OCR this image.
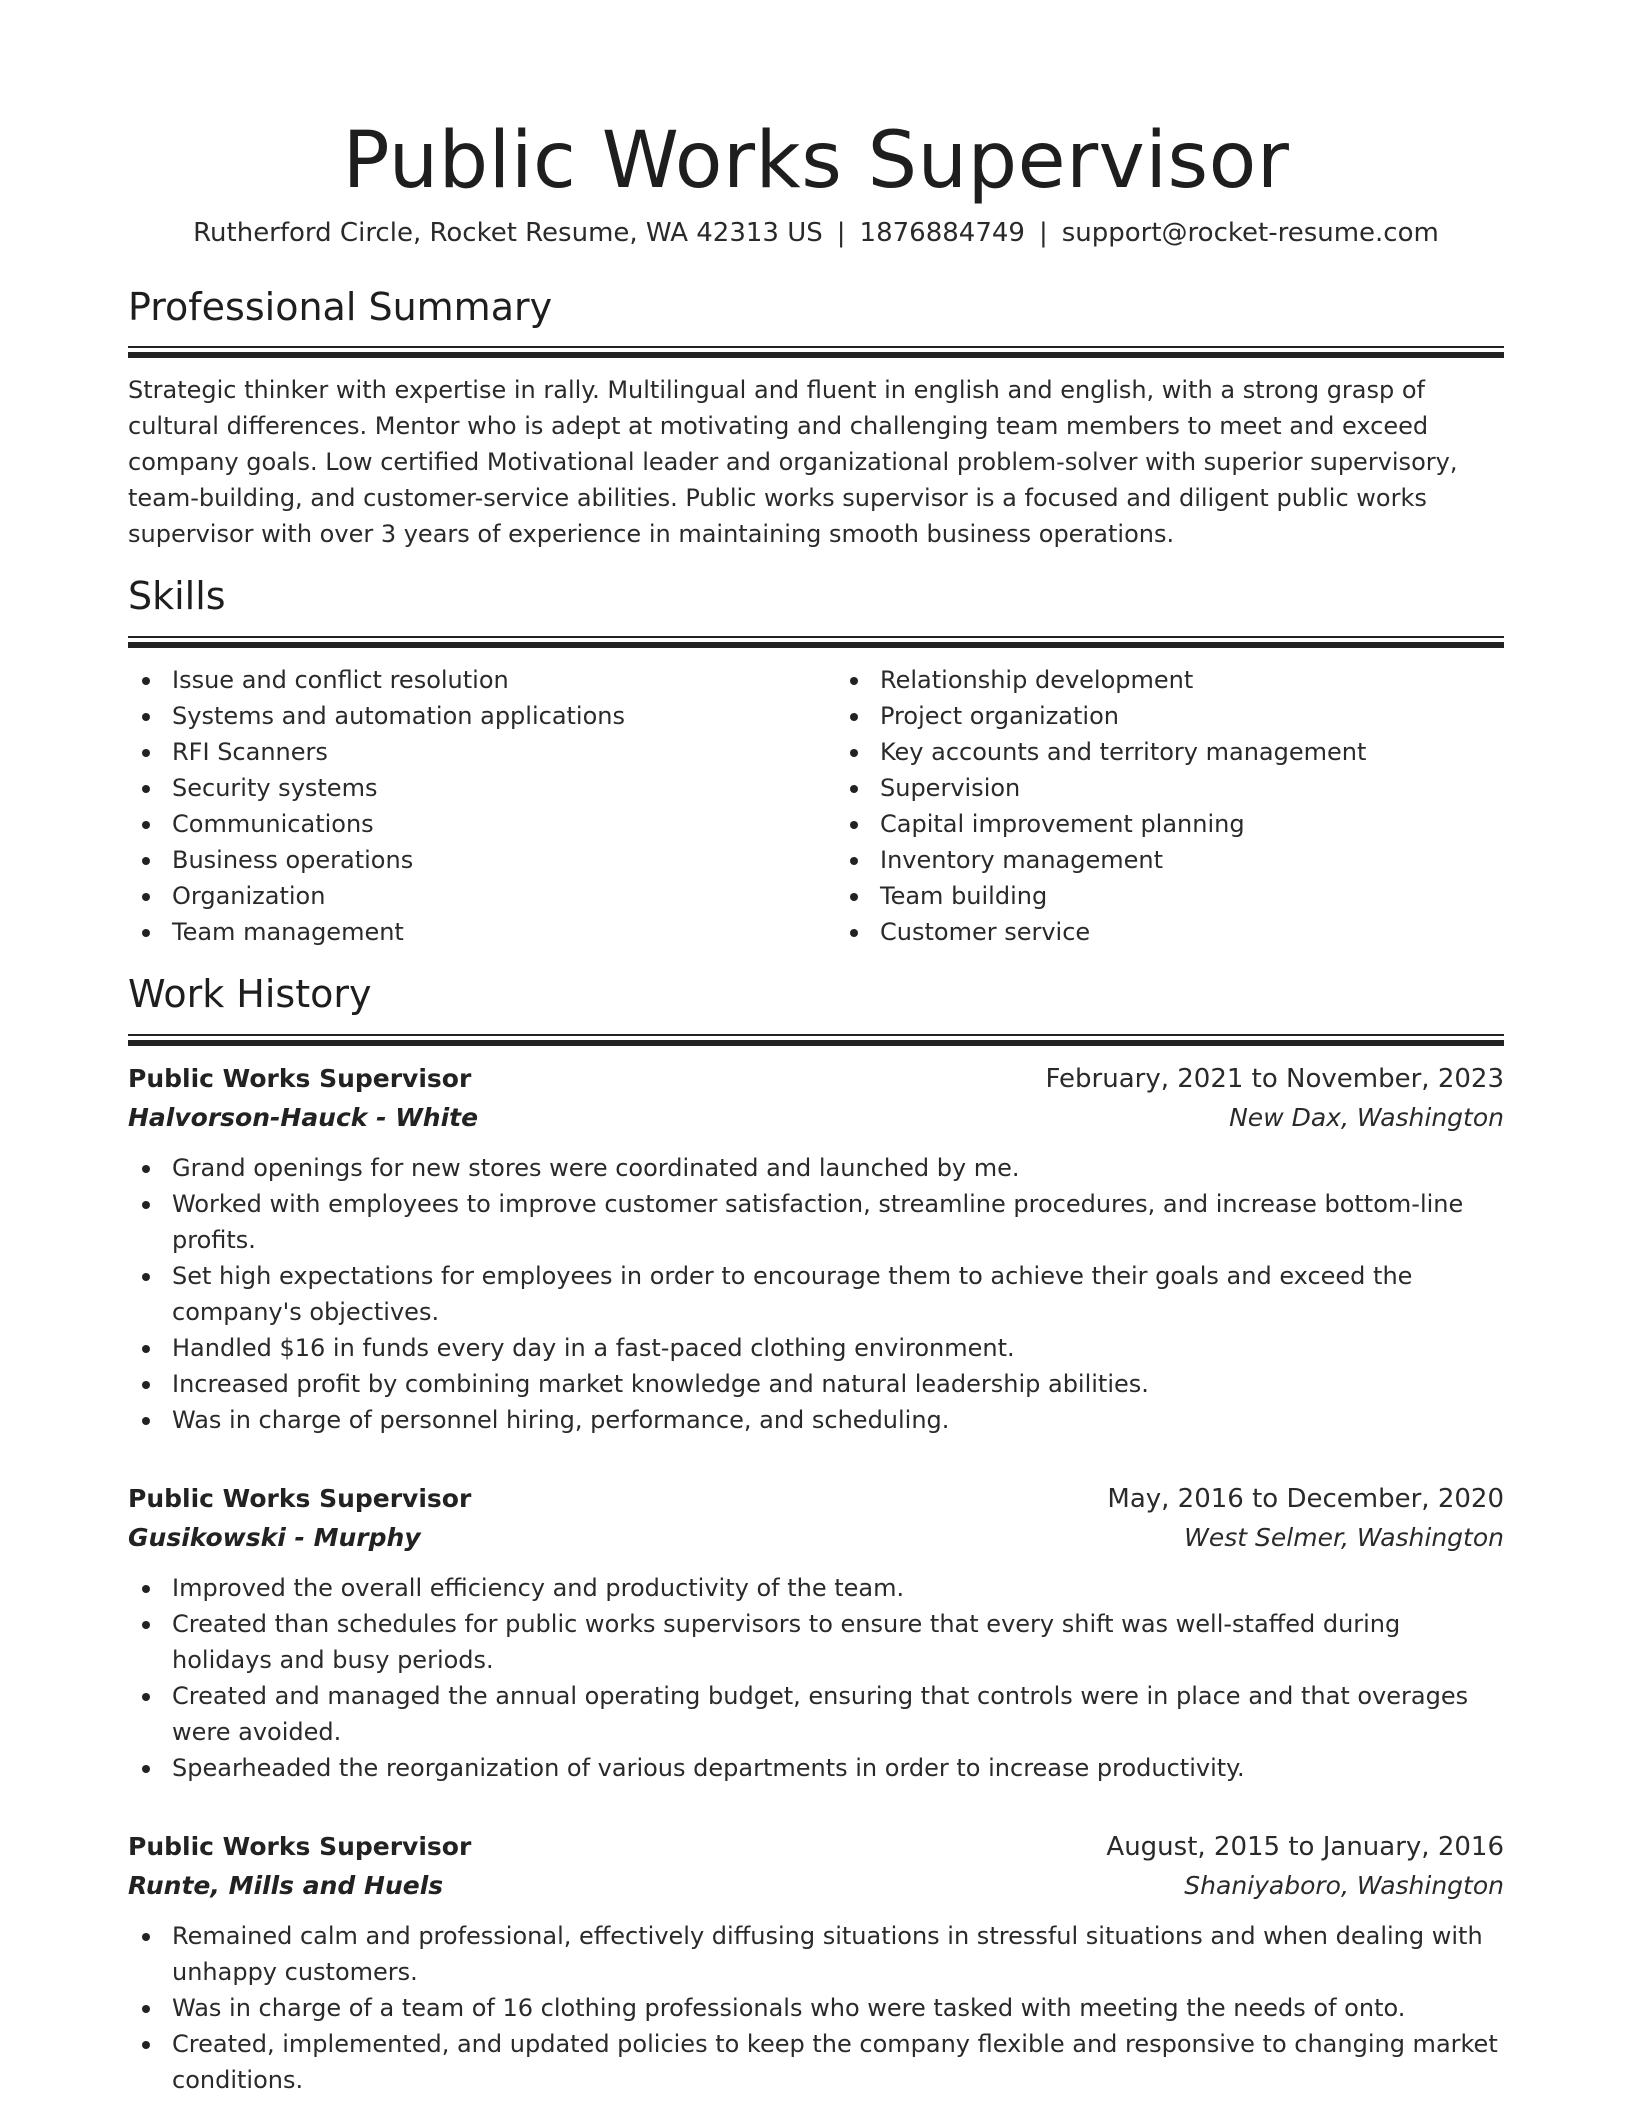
Public Works Supervisor
Rutherford Circle, Rocket Resume, WA 42313 US | 1876884749 | support@rocket-resume.com
Professional Summary

Strategic thinker with expertise in rally. Multilingual and fluent in english and english, with a strong grasp of cultural differences. Mentor who is adept at motivating and challenging team members to meet and exceed company goals. Low certified Motivational leader and organizational problem-solver with superior supervisory, team-building, and customer-service abilities. Public works supervisor is a focused and diligent public works supervisor with over 3 years of experience in maintaining smooth business operations.

Skills
Issue and conflict resolution
Systems and automation applications
RFI Scanners
Security systems
Communications
Business operations
Organization
Team management
Relationship development
Project organization
Key accounts and territory management
Supervision
Capital improvement planning
Inventory management
Team building
Customer service
Work History
Public Works Supervisor	February, 2021 to November, 2023
Halvorson-Hauck - White	New Dax, Washington
Grand openings for new stores were coordinated and launched by me.
Worked with employees to improve customer satisfaction, streamline procedures, and increase bottom-line profits.
Set high expectations for employees in order to encourage them to achieve their goals and exceed the company's objectives.
Handled $16 in funds every day in a fast-paced clothing environment.
Increased profit by combining market knowledge and natural leadership abilities.
Was in charge of personnel hiring, performance, and scheduling.
Public Works Supervisor	May, 2016 to December, 2020
Gusikowski - Murphy	West Selmer, Washington
Improved the overall efficiency and productivity of the team.
Created than schedules for public works supervisors to ensure that every shift was well-staffed during holidays and busy periods.
Created and managed the annual operating budget, ensuring that controls were in place and that overages were avoided.
Spearheaded the reorganization of various departments in order to increase productivity.
Public Works Supervisor	August, 2015 to January, 2016
Runte, Mills and Huels	Shaniyaboro, Washington
Remained calm and professional, effectively diffusing situations in stressful situations and when dealing with unhappy customers.
Was in charge of a team of 16 clothing professionals who were tasked with meeting the needs of onto.
Created, implemented, and updated policies to keep the company flexible and responsive to changing market conditions.
